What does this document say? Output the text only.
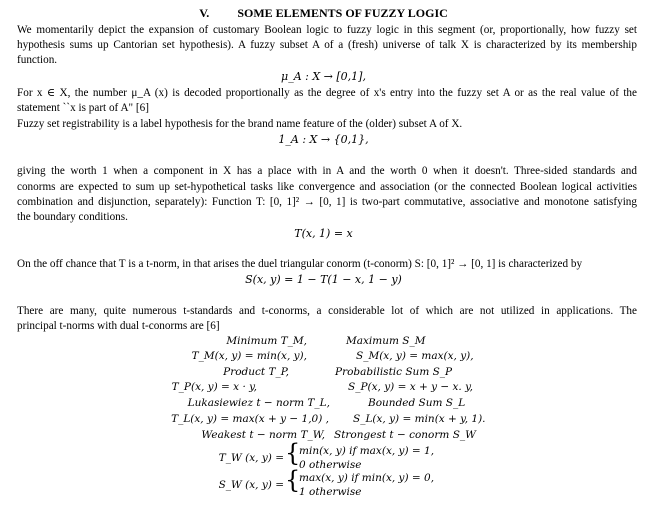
V. SOME ELEMENTS OF FUZZY LOGIC
We momentarily depict the expansion of customary Boolean logic to fuzzy logic in this segment (or, proportionally, how fuzzy set
hypothesis sums up Cantorian set hypothesis). A fuzzy subset A of a (fresh) universe of talk X is characterized by its membership
function.
μ_A : X → [0,1],
For x ∈ X, the number μ_A (x) is decoded proportionally as the degree of x's entry into the fuzzy set A or as the real value of the
statement ``x is part of A" [6]
Fuzzy set registrability is a label hypothesis for the brand name feature of the (older) subset A of X.
1_A : X → {0,1},
giving the worth 1 when a component in X has a place with in A and the worth 0 when it doesn't. Three-sided standards and
conorms are expected to sum up set-hypothetical tasks like convergence and association (or the connected Boolean logical activities
combination and disjunction, separately): Function T: [0, 1]² → [0, 1] is two-part commutative, associative and monotone satisfying
the boundary conditions.
T(x, 1) = x
On the off chance that T is a t-norm, in that arises the duel triangular conorm (t-conorm) S: [0, 1]² → [0, 1] is characterized by
S(x, y) = 1 − T(1 − x, 1 − y)
There are many, quite numerous t-standards and t-conorms, a considerable lot of which are not utilized in applications. The
principal t-norms with dual t-conorms are [6]
Minimum T_M,
T_M(x, y) = min(x, y),
Product T_P,
T_P(x, y) = x · y,
Lukasiewiez t − norm T_L,
T_L(x, y) = max(x + y − 1,0) ,
Weakest t − norm T_W,
Maximum S_M
S_M(x, y) = max(x, y),
Probabilistic Sum S_P
S_P(x, y) = x + y − x. y,
Bounded Sum S_L
S_L(x, y) = min(x + y, 1).
Strongest t − conorm S_W
T_W (x, y) = {
min(x, y) if max(x, y) = 1,
0 otherwise
S_W (x, y) = {
max(x, y) if min(x, y) = 0,
1 otherwise
